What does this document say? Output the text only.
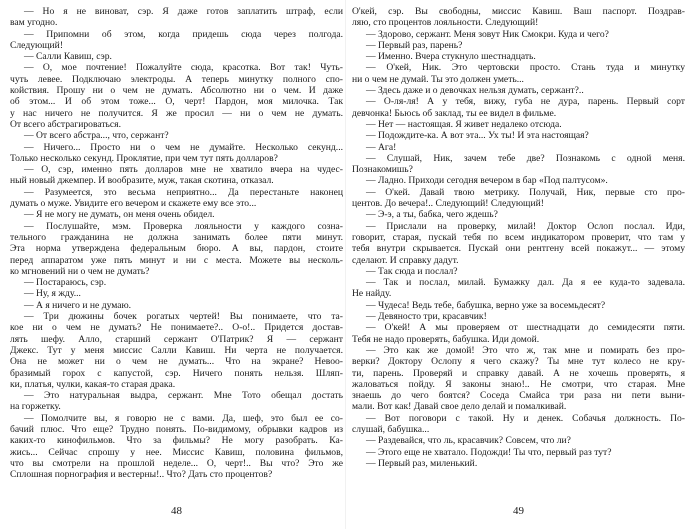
— Но я не виноват, сэр. Я даже готов заплатить штраф, если
вам угодно.
— Припомни об этом, когда придешь сюда через полгода.
Следующий!
— Салли Кавиш, сэр.
— О, мое почтение! Пожалуйте сюда, красотка. Вот так! Чуть-
чуть левее. Подключаю электроды. А теперь минутку полного спо-
койствия. Прошу ни о чем не думать. Абсолютно ни о чем. И даже
об этом... И об этом тоже... О, черт! Пардон, моя милочка. Так
у нас ничего не получится. Я же просил — ни о чем не думать.
От всего абстрагироваться.
— От всего абстра..., что, сержант?
— Ничего... Просто ни о чем не думайте. Несколько секунд...
Только несколько секунд. Проклятие, при чем тут пять долларов?
— О, сэр, именно пять долларов мне не хватило вчера на чудес-
ный новый джемпер. И вообразите, муж, такая скотина, отказал.
— Разумеется, это весьма неприятно... Да перестаньте наконец
думать о муже. Увидите его вечером и скажете ему все это...
— Я не могу не думать, он меня очень обидел.
— Послушайте, мэм. Проверка лояльности у каждого созна-
тельного гражданина не должна занимать более пяти минут.
Эта норма утверждена федеральным бюро. А вы, пардон, стоите
перед аппаратом уже пять минут и ни с места. Можете вы несколь-
ко мгновений ни о чем не думать?
— Постараюсь, сэр.
— Ну, я жду...
— А я ничего и не думаю.
— Три дюжины бочек рогатых чертей! Вы понимаете, что та-
кое ни о чем не думать? Не понимаете?.. О-о!.. Придется достав-
лять шефу. Алло, старший сержант О'Патрик? Я — сержант
Джекс. Тут у меня миссис Салли Кавиш. Ни черта не получается.
Она не может ни о чем не думать... Что на экране? Невоо-
бразимый горох с капустой, сэр. Ничего понять нельзя. Шляп-
ки, платья, чулки, какая-то старая драка.
— Это натуральная выдра, сержант. Мне Тото обещал достать
на горжетку.
— Помолчите вы, я говорю не с вами. Да, шеф, это был ее со-
бачий плюс. Что еще? Трудно понять. По-видимому, обрывки кадров из
каких-то кинофильмов. Что за фильмы? Не могу разобрать. Ка-
жись... Сейчас спрошу у нее. Миссис Кавиш, половина фильмов,
что вы смотрели на прошлой неделе... О, черт!.. Вы что? Это же
Сплошная порнография и вестерны!.. Что? Дать сто процентов?
48
О'кей, сэр. Вы свободны, миссис Кавиш. Ваш паспорт. Поздрав-
ляю, сто процентов лояльности. Следующий!
— Здорово, сержант. Меня зовут Ник Смокри. Куда и чего?
— Первый раз, парень?
— Именно. Вчера стукнуло шестнадцать.
— О'кей, Ник. Это чертовски просто. Стань туда и минутку
ни о чем не думай. Ты это должен уметь...
— Здесь даже и о девочках нельзя думать, сержант?..
— О-ля-ля! А у тебя, вижу, губа не дура, парень. Первый сорт
девчонка! Бьюсь об заклад, ты ее видел в фильме.
— Нет — настоящая. Я живет недалеко отсюда.
— Подождите-ка. А вот эта... Ух ты! И эта настоящая?
— Ага!
— Слушай, Ник, зачем тебе две? Познакомь с одной меня.
Познакомишь?
— Ладно. Приходи сегодня вечером в бар «Под палтусом».
— О'кей. Давай твою метрику. Получай, Ник, первые сто про-
центов. До вечера!.. Следующий! Следующий!
— Э-э, а ты, бабка, чего ждешь?
— Прислали на проверку, милай! Доктор Ослоп послал. Иди,
говорит, старая, пускай тебя по всем индикатором проверит, что там у
тебя внутри скрывается. Пускай они рентгену всей покажут... — этому
сделают. И справку дадут.
— Так сюда и послал?
— Так и послал, милай. Бумажку дал. Да я ее куда-то задевала.
Не найду.
— Чудеса! Ведь тебе, бабушка, верно уже за восемьдесят?
— Девяносто три, красавчик!
— О'кей! А мы проверяем от шестнадцати до семидесяти пяти.
Тебя не надо проверять, бабушка. Иди домой.
— Это как же домой! Это что ж, так мне и помирать без про-
верки? Доктору Ослопу я чего скажу? Ты мне тут колесо не кру-
ти, парень. Проверяй и справку давай. А не хочешь проверять, я
жаловаться пойду. Я законы знаю!.. Не смотри, что старая. Мне
знаешь до чего боятся? Соседа Смайса три раза ни пети выни-
мали. Вот как! Давай свое дело делай и помалкивай.
— Вот поговори с такой. Ну и денек. Собачья должность. По-
слушай, бабушка...
— Раздевайся, что ль, красавчик? Совсем, что ли?
— Этого еще не хватало. Подожди! Ты что, первый раз тут?
— Первый раз, миленький.
49
